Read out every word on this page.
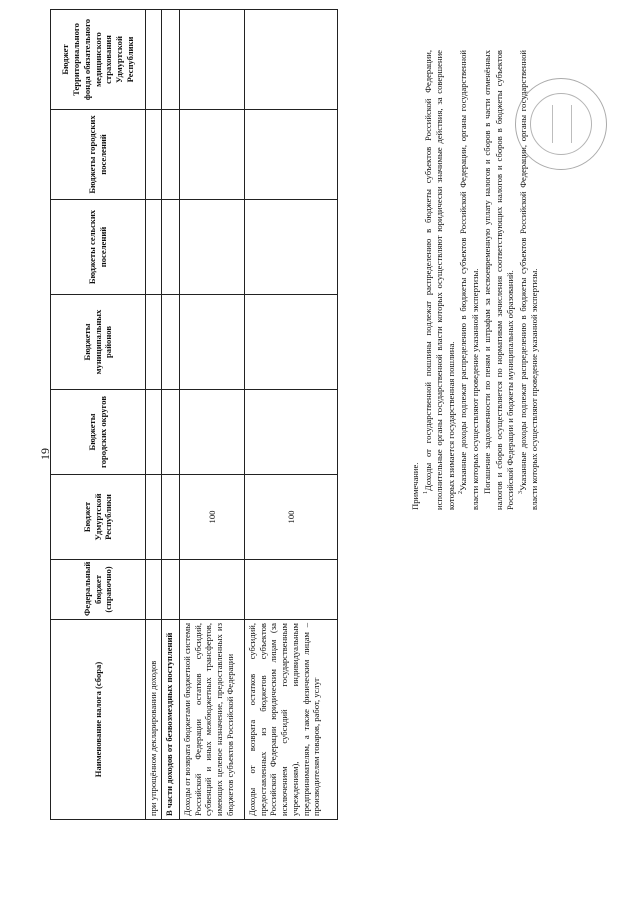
19
Наименование налога (сбора)	Федеральный бюджет (справочно)	Бюджет Удмуртской Республики	Бюджеты городских округов	Бюджеты муниципальных районов	Бюджеты сельских поселений	Бюджеты городских поселений	Бюджет Территориального фонда обязательного медицинского страхования Удмуртской Республики
при упрощённом декларировании доходов							
В части доходов от безвозмездных поступлений							
Доходы от возврата бюджетами бюджетной системы Российской Федерации остатков субсидий, субвенций и иных межбюджетных трансфертов, имеющих целевое назначение, предоставленных из бюджетов субъектов Российской Федерации		100					
Доходы от возврата остатков субсидий, предоставленных из бюджетов субъектов Российской Федерации юридическим лицам (за исключением субсидий государственным учреждениям), индивидуальным предпринимателям, а также физическим лицам – производителям товаров, работ, услуг		100					

Примечание. $^1$Доходы от государственной пошлины подлежат распределению в бюджеты субъектов Российской Федерации, исполнительные органы государственной власти которых осуществляют юридически значимые действия, за совершение которых взимается государственная пошлина. $^2$Указанные доходы подлежат распределению в бюджеты субъектов Российской Федерации, органы государственной власти которых осуществляют проведение указанной экспертизы. Погашение задолженности по пеням и штрафам за несвоевременную уплату налогов и сборов в части отменённых налогов и сборов осуществляется по нормативам зачисления соответствующих налогов и сборов в бюджеты субъектов Российской Федерации и бюджеты муниципальных образований. $^3$Указанные доходы подлежат распределению в бюджеты субъектов Российской Федерации, органы государственной власти которых осуществляют проведение указанной экспертизы.
